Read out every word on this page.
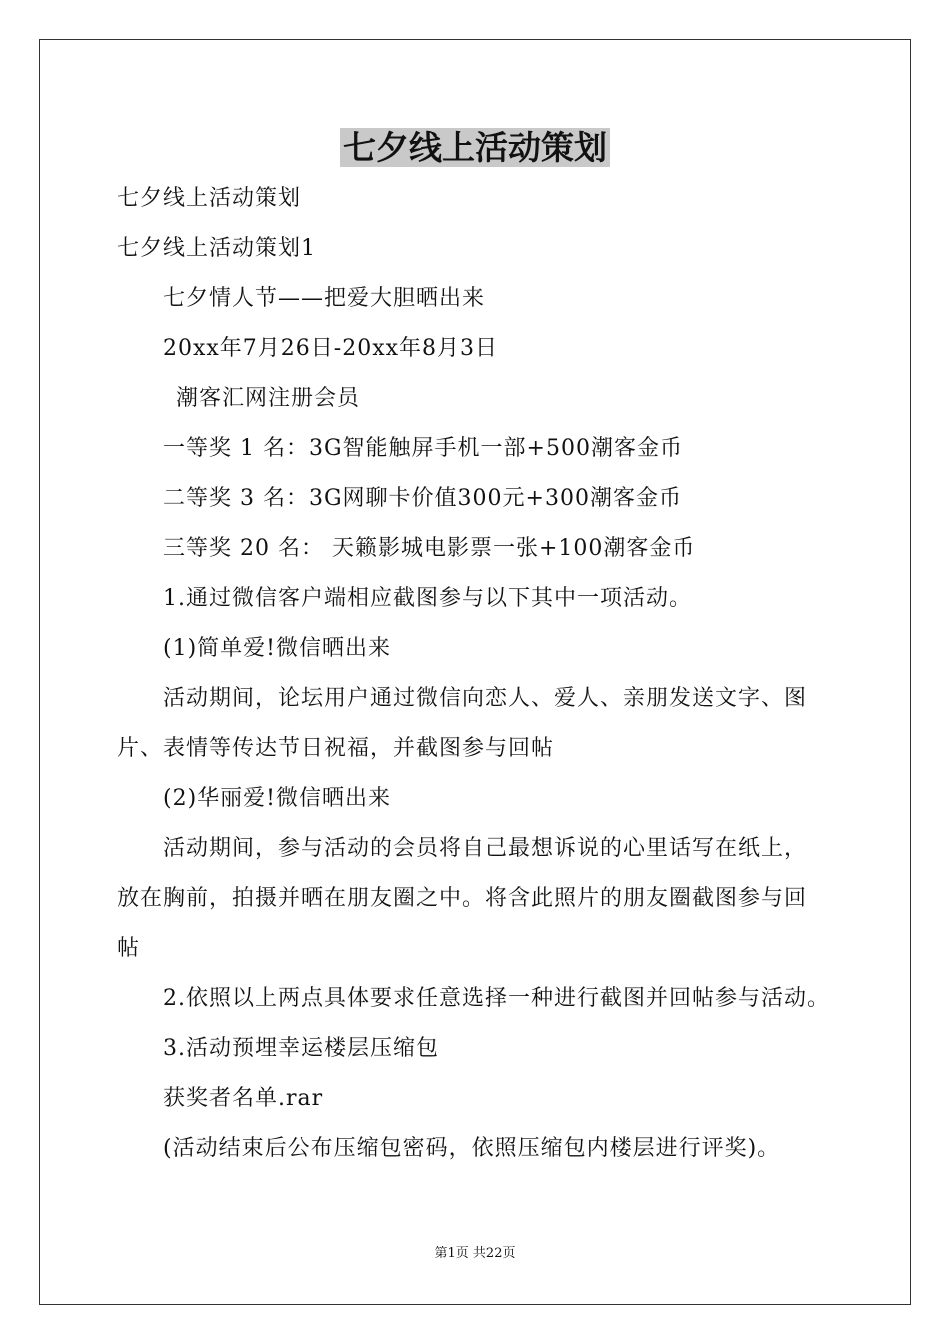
七夕线上活动策划
七夕线上活动策划
七夕线上活动策划1
七夕情人节——把爱大胆晒出来
20xx年7月26日-20xx年8月3日
潮客汇网注册会员
一等奖 1 名：3G智能触屏手机一部+500潮客金币
二等奖 3 名：3G网聊卡价值300元+300潮客金币
三等奖 20 名： 天籁影城电影票一张+100潮客金币
1.通过微信客户端相应截图参与以下其中一项活动。
(1)简单爱!微信晒出来
活动期间，论坛用户通过微信向恋人、爱人、亲朋发送文字、图
片、表情等传达节日祝福，并截图参与回帖
(2)华丽爱!微信晒出来
活动期间，参与活动的会员将自己最想诉说的心里话写在纸上，
放在胸前，拍摄并晒在朋友圈之中。将含此照片的朋友圈截图参与回
帖
2.依照以上两点具体要求任意选择一种进行截图并回帖参与活动。
3.活动预埋幸运楼层压缩包
获奖者名单.rar
(活动结束后公布压缩包密码，依照压缩包内楼层进行评奖)。
第1页 共22页
